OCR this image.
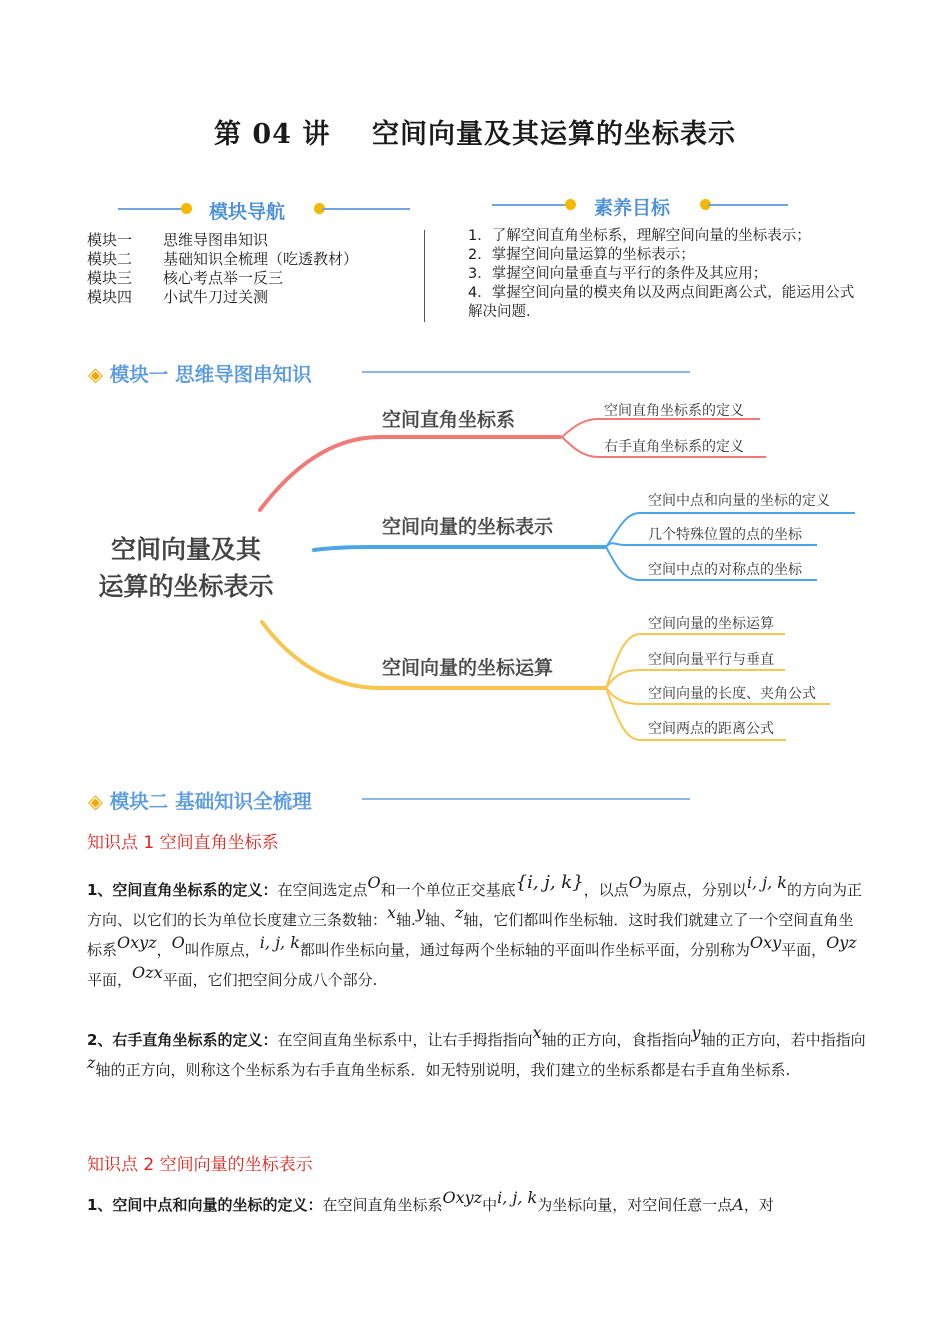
第 04 讲    空间向量及其运算的坐标表示
模块导航
模块一 思维导图串知识
模块二 基础知识全梳理（吃透教材）
模块三 核心考点举一反三
模块四 小试牛刀过关测
素养目标
1．了解空间直角坐标系，理解空间向量的坐标表示；
2．掌握空间向量运算的坐标表示；
3．掌握空间向量垂直与平行的条件及其应用；
4．掌握空间向量的模夹角以及两点间距离公式，能运用公式解决问题.
◈ 模块一 思维导图串知识
空间向量及其
运算的坐标表示
空间直角坐标系	空间直角坐标系的定义
右手直角坐标系的定义
空间向量的坐标表示
空间中点和向量的坐标的定义
几个特殊位置的点的坐标
空间中点的对称点的坐标
空间向量的坐标运算
空间向量的坐标运算
空间向量平行与垂直
空间向量的长度、夹角公式
空间两点的距离公式
◈ 模块二 基础知识全梳理
知识点 1 空间直角坐标系
1、空间直角坐标系的定义：在空间选定点O和一个单位正交基底{i, j, k}，以点O为原点，分别以i, j, k的方向为正方向、以它们的长为单位长度建立三条数轴：x轴.y轴、z轴，它们都叫作坐标轴．这时我们就建立了一个空间直角坐标系Oxyz，O叫作原点，i, j, k都叫作坐标向量，通过每两个坐标轴的平面叫作坐标平面，分别称为Oxy平面，Oyz平面，Ozx平面，它们把空间分成八个部分.
2、右手直角坐标系的定义：在空间直角坐标系中，让右手拇指指向x轴的正方向，食指指向y轴的正方向，若中指指向z轴的正方向，则称这个坐标系为右手直角坐标系．如无特别说明，我们建立的坐标系都是右手直角坐标系.
知识点 2 空间向量的坐标表示
1、空间中点和向量的坐标的定义：在空间直角坐标系Oxyz中i, j, k为坐标向量，对空间任意一点A，对
